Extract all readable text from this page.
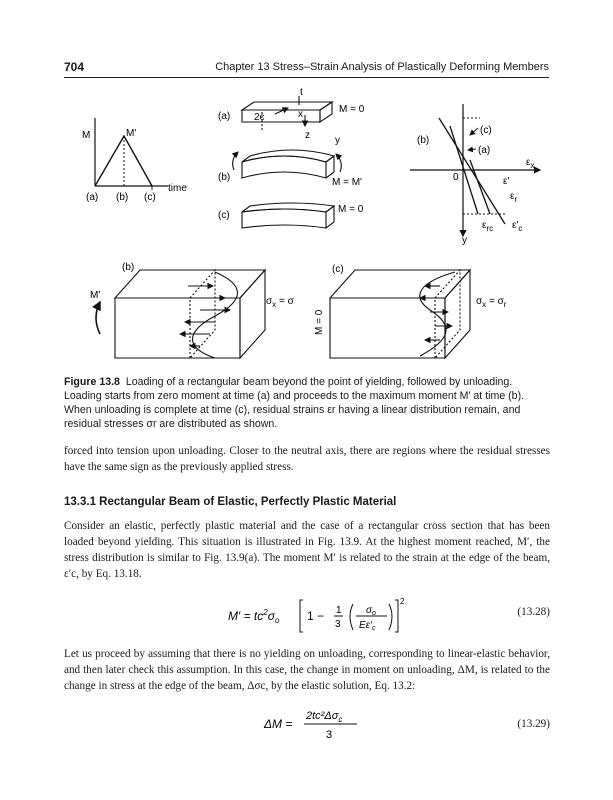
704	Chapter 13 Stress–Strain Analysis of Plastically Deforming Members
M	M'
time
(a) (b) (c)
(a) 2c
t
x
y
z
M = 0
(b)	M = M'
(c)
M = 0
(b)
0
$\varepsilon_x$
y
(c)
(a)
ε'
$\varepsilon_r$
$\varepsilon_{rc}$ $\varepsilon'_c$
(b)
M'
$\sigma_x = \sigma$
(c)
M = 0
$\sigma_x = \sigma_r$
Figure 13.8 Loading of a rectangular beam beyond the point of yielding, followed by unloading. Loading starts from zero moment at time (a) and proceeds to the maximum moment M′ at time (b). When unloading is complete at time (c), residual strains εr having a linear distribution remain, and residual stresses σr are distributed as shown.
forced into tension upon unloading. Closer to the neutral axis, there are regions where the residual stresses have the same sign as the previously applied stress.
13.3.1 Rectangular Beam of Elastic, Perfectly Plastic Material
Consider an elastic, perfectly plastic material and the case of a rectangular cross section that has been loaded beyond yielding. This situation is illustrated in Fig. 13.9. At the highest moment reached, M′, the stress distribution is similar to Fig. 13.9(a). The moment M′ is related to the strain at the edge of the beam, ε′c, by Eq. 13.18.
$M' = tc^2\sigma_o$ 1 − 1
3
$\sigma_o$
$E\varepsilon'_c$
2
(13.28)
Let us proceed by assuming that there is no yielding on unloading, corresponding to linear-elastic behavior, and then later check this assumption. In this case, the change in moment on unloading, ΔM, is related to the change in stress at the edge of the beam, Δσc, by the elastic solution, Eq. 13.2:
ΔM =
$2tc^2\Delta\sigma_c$
3
(13.29)
